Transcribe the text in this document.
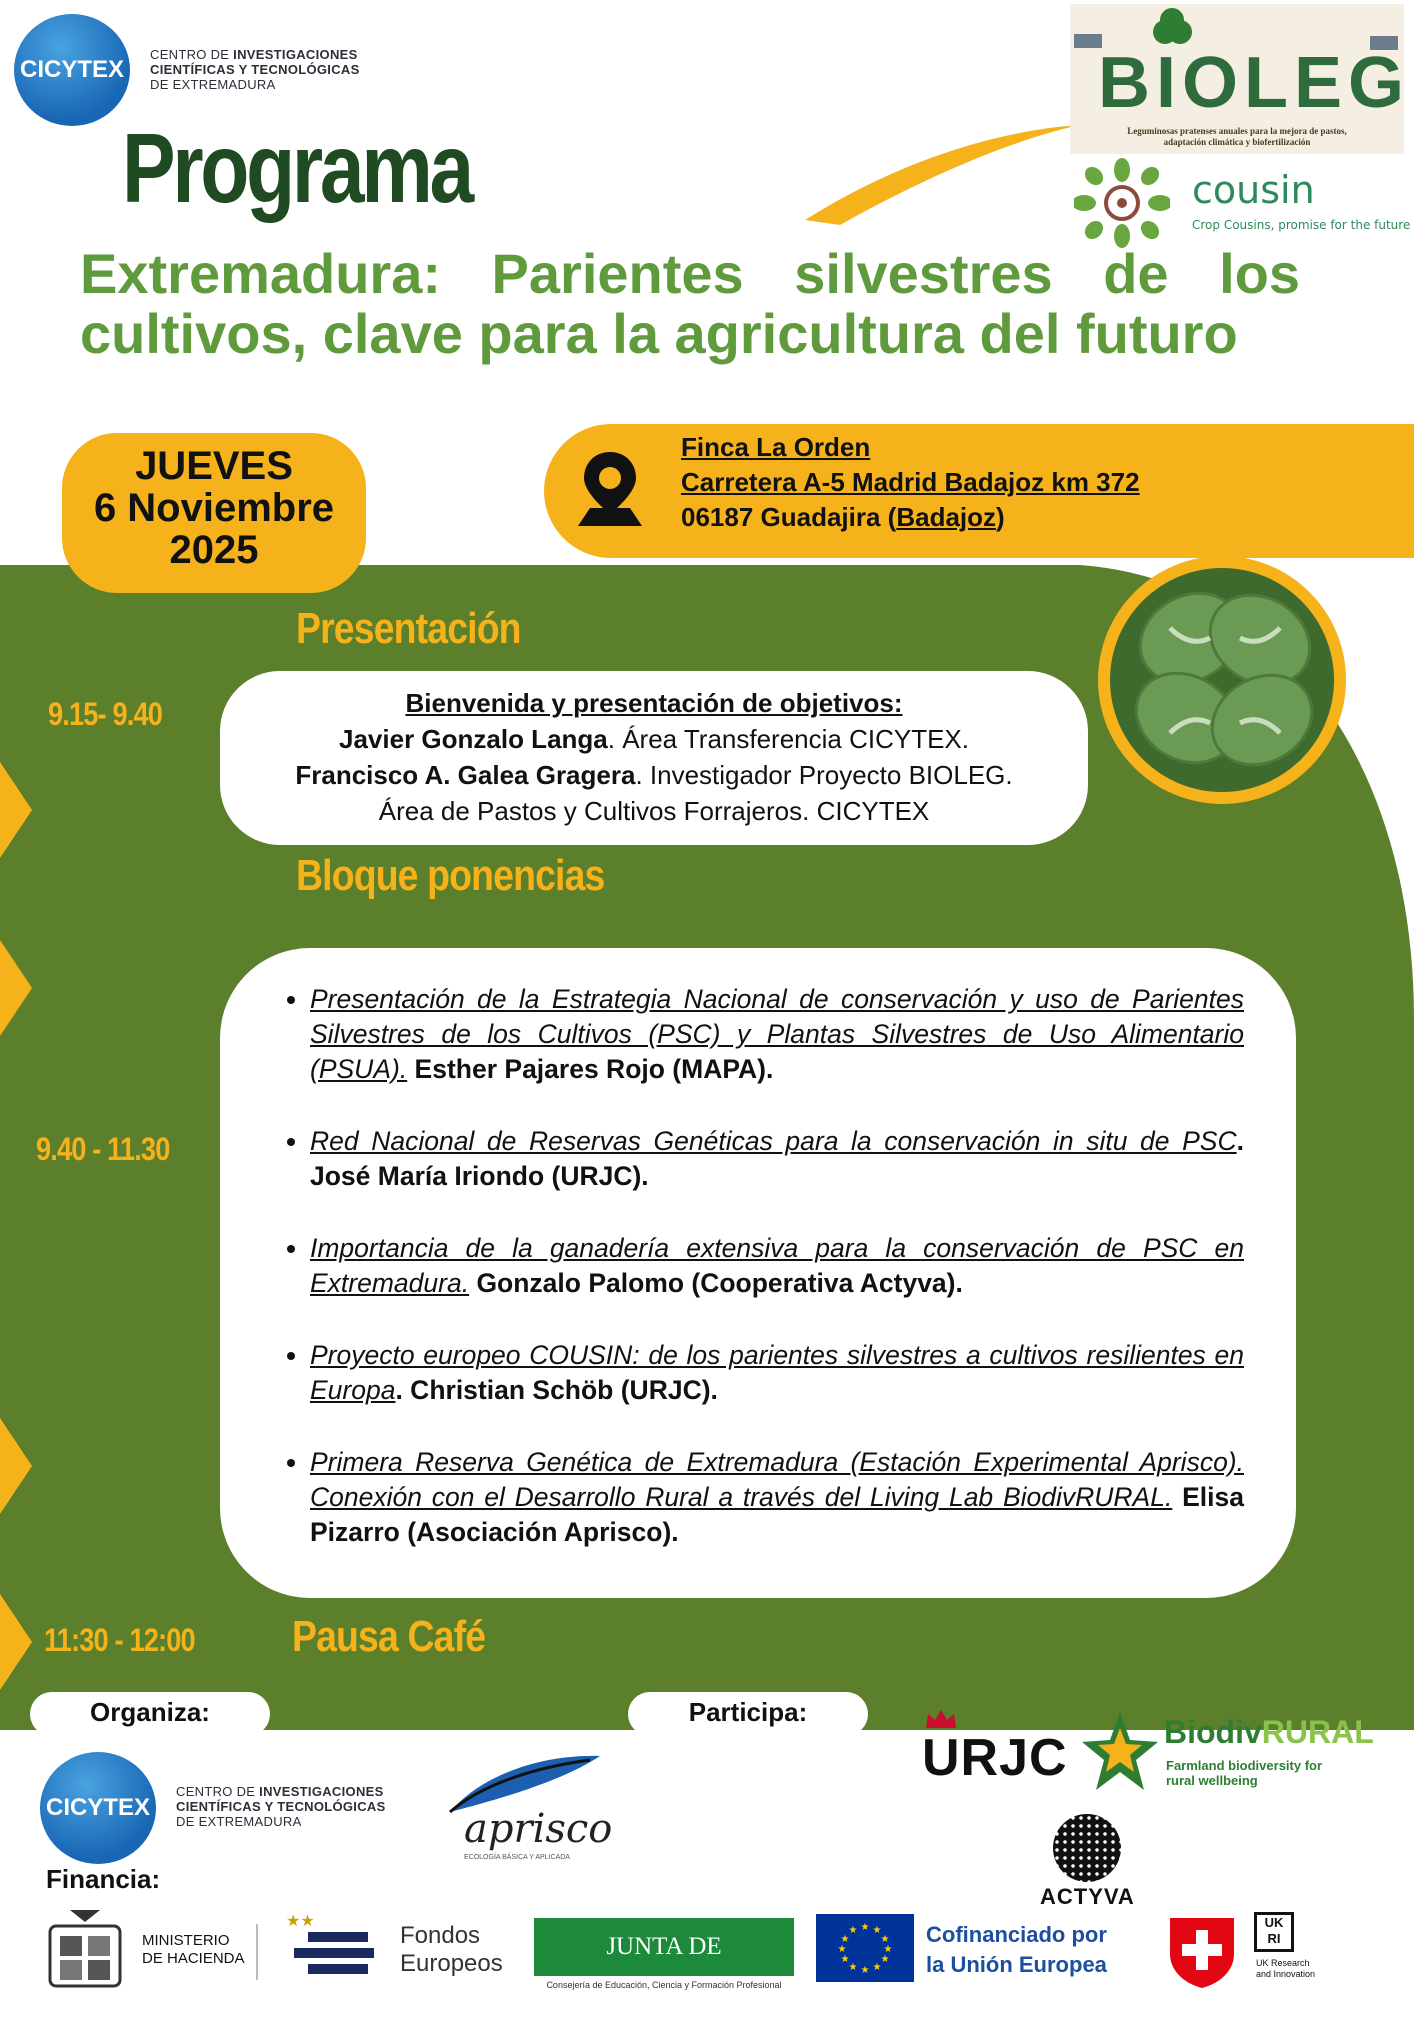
CICYTEX
CENTRO DE INVESTIGACIONES
CIENTÍFICAS Y TECNOLÓGICAS
DE EXTREMADURA
Programa
BIOLEG
Leguminosas pratenses anuales para la mejora de pastos,
adaptación climática y biofertilización
cousin
Crop Cousins, promise for the future
Extremadura: Parientes silvestres de los cultivos, clave para la agricultura del futuro
JUEVES
6 Noviembre
2025
Finca La Orden
Carretera A-5 Madrid Badajoz km 372
06187 Guadajira (Badajoz)
Presentación
9.15- 9.40	Bienvenida y presentación de objetivos:
Javier Gonzalo Langa. Área Transferencia CICYTEX.
Francisco A. Galea Gragera. Investigador Proyecto BIOLEG.
Área de Pastos y Cultivos Forrajeros. CICYTEX
Bloque ponencias
9.40 - 11.30
• Presentación de la Estrategia Nacional de conservación y uso de Parientes Silvestres de los Cultivos (PSC) y Plantas Silvestres de Uso Alimentario (PSUA). Esther Pajares Rojo (MAPA).
• Red Nacional de Reservas Genéticas para la conservación in situ de PSC. José María Iriondo (URJC).
• Importancia de la ganadería extensiva para la conservación de PSC en Extremadura. Gonzalo Palomo (Cooperativa Actyva).
• Proyecto europeo COUSIN: de los parientes silvestres a cultivos resilientes en Europa. Christian Schöb (URJC).
• Primera Reserva Genética de Extremadura (Estación Experimental Aprisco). Conexión con el Desarrollo Rural a través del Living Lab BiodivRURAL. Elisa Pizarro (Asociación Aprisco).
11:30 - 12:00 Pausa Café
Organiza:	Participa:
CICYTEX
CENTRO DE INVESTIGACIONES
CIENTÍFICAS Y TECNOLÓGICAS
DE EXTREMADURA	aprisco
ECOLOGÍA BÁSICA Y APLICADA
URJC	BiodivRURAL
Farmland biodiversity for
rural wellbeing
ACTYVA
Financia:
MINISTERIO
DE HACIENDA
★★
Fondos
Europeos
JUNTA DE EXTREMADURA
Consejería de Educación, Ciencia y Formación Profesional
★ ★
★
★
★
★
★
★
★
★
★
★	Cofinanciado por
la Unión Europea
UK
RI
UK Research
and Innovation
